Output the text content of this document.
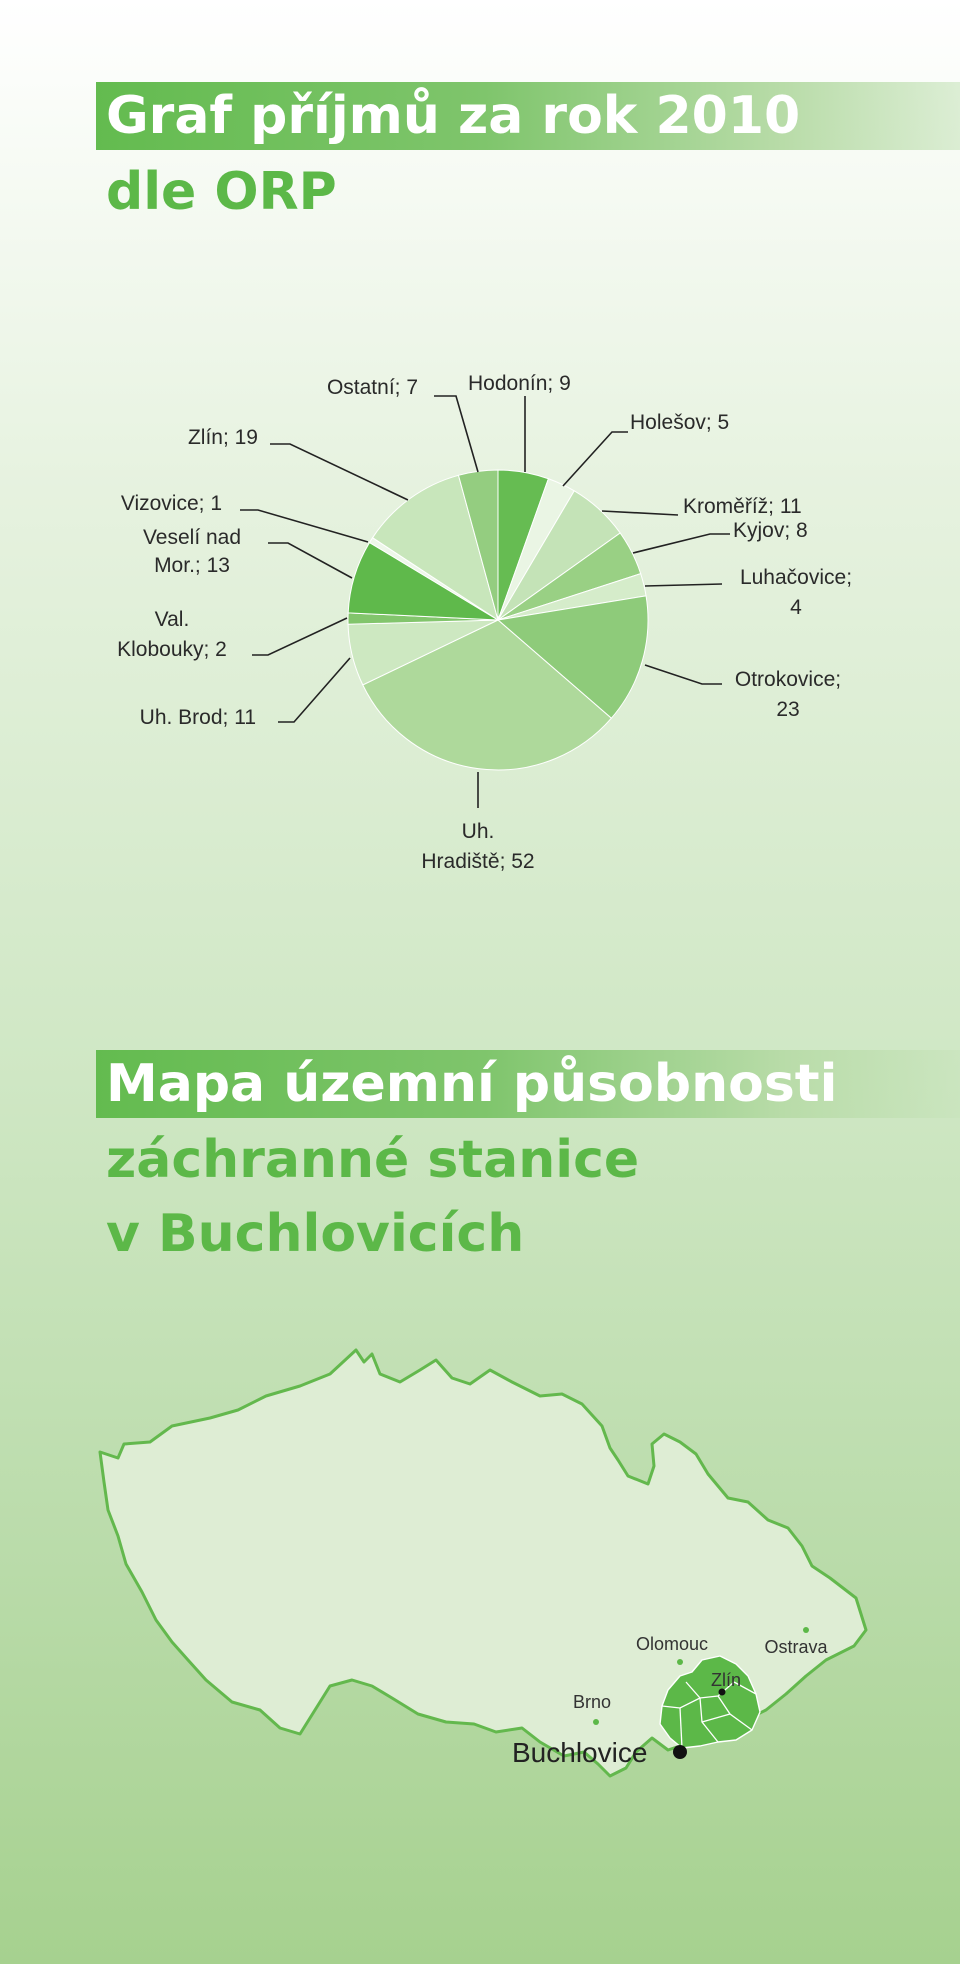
Graf příjmů za rok 2010
dle ORP
Hodonín; 9
Holešov; 5
Kroměříž; 11
Kyjov; 8
Luhačovice; 4
Otrokovice; 23
Uh. Hradiště; 52
Uh. Brod; 11
Val. Klobouky; 2
Veselí nad Mor.; 13
Vizovice; 1
Zlín; 19
Ostatní; 7
Mapa územní působnosti
záchranné stanice
v Buchlovicích
Olomouc	Ostrava
Brno
Zlín
Buchlovice
